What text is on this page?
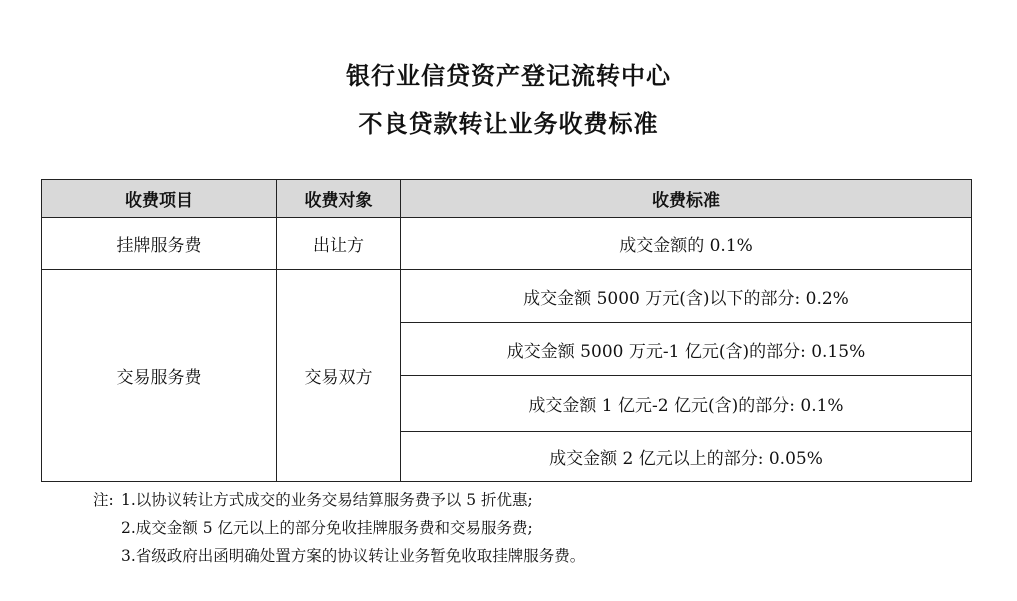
银行业信贷资产登记流转中心
不良贷款转让业务收费标准
收费项目	收费对象	收费标准
挂牌服务费	出让方	成交金额的 0.1%
交易服务费	交易双方	成交金额 5000 万元(含)以下的部分: 0.2%
		成交金额 5000 万元-1 亿元(含)的部分: 0.15%
		成交金额 1 亿元-2 亿元(含)的部分: 0.1%
		成交金额 2 亿元以上的部分: 0.05%
注: 1.以协议转让方式成交的业务交易结算服务费予以 5 折优惠;
2.成交金额 5 亿元以上的部分免收挂牌服务费和交易服务费;
3.省级政府出函明确处置方案的协议转让业务暂免收取挂牌服务费。
